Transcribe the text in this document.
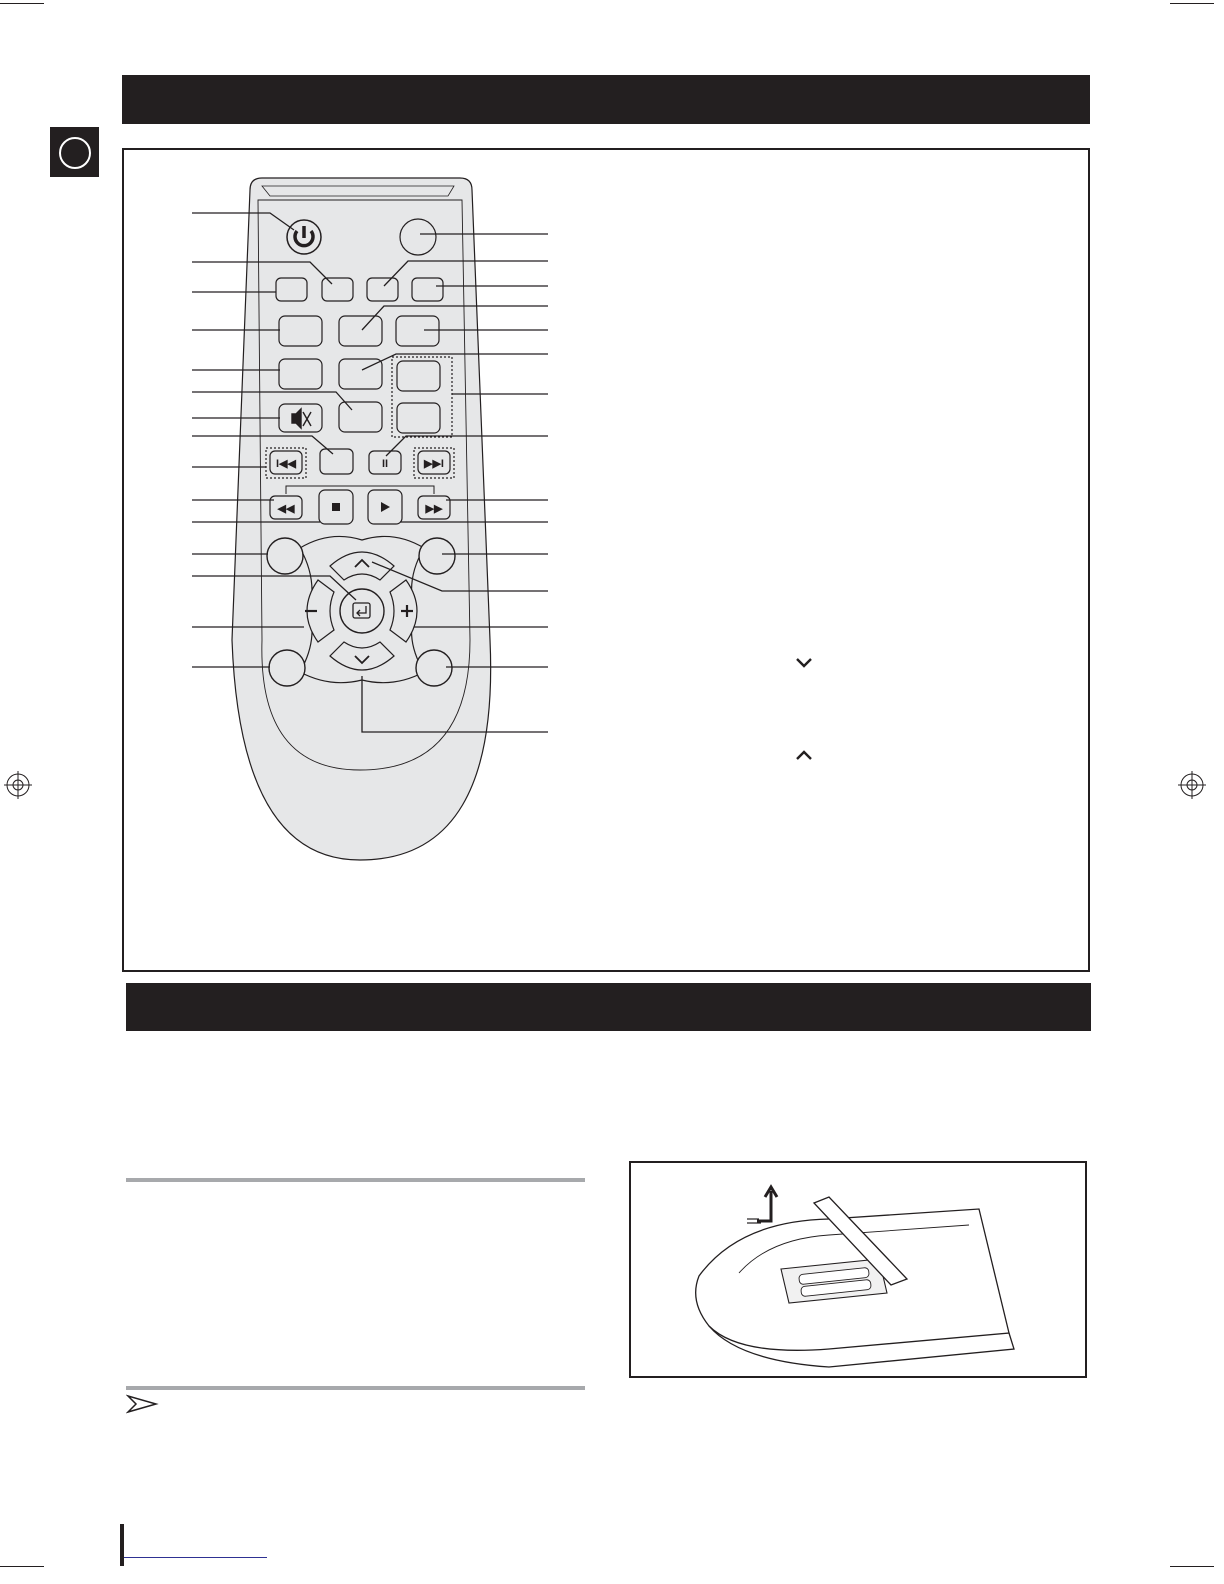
I◀◀	II	▶▶I
◀◀	▶▶
